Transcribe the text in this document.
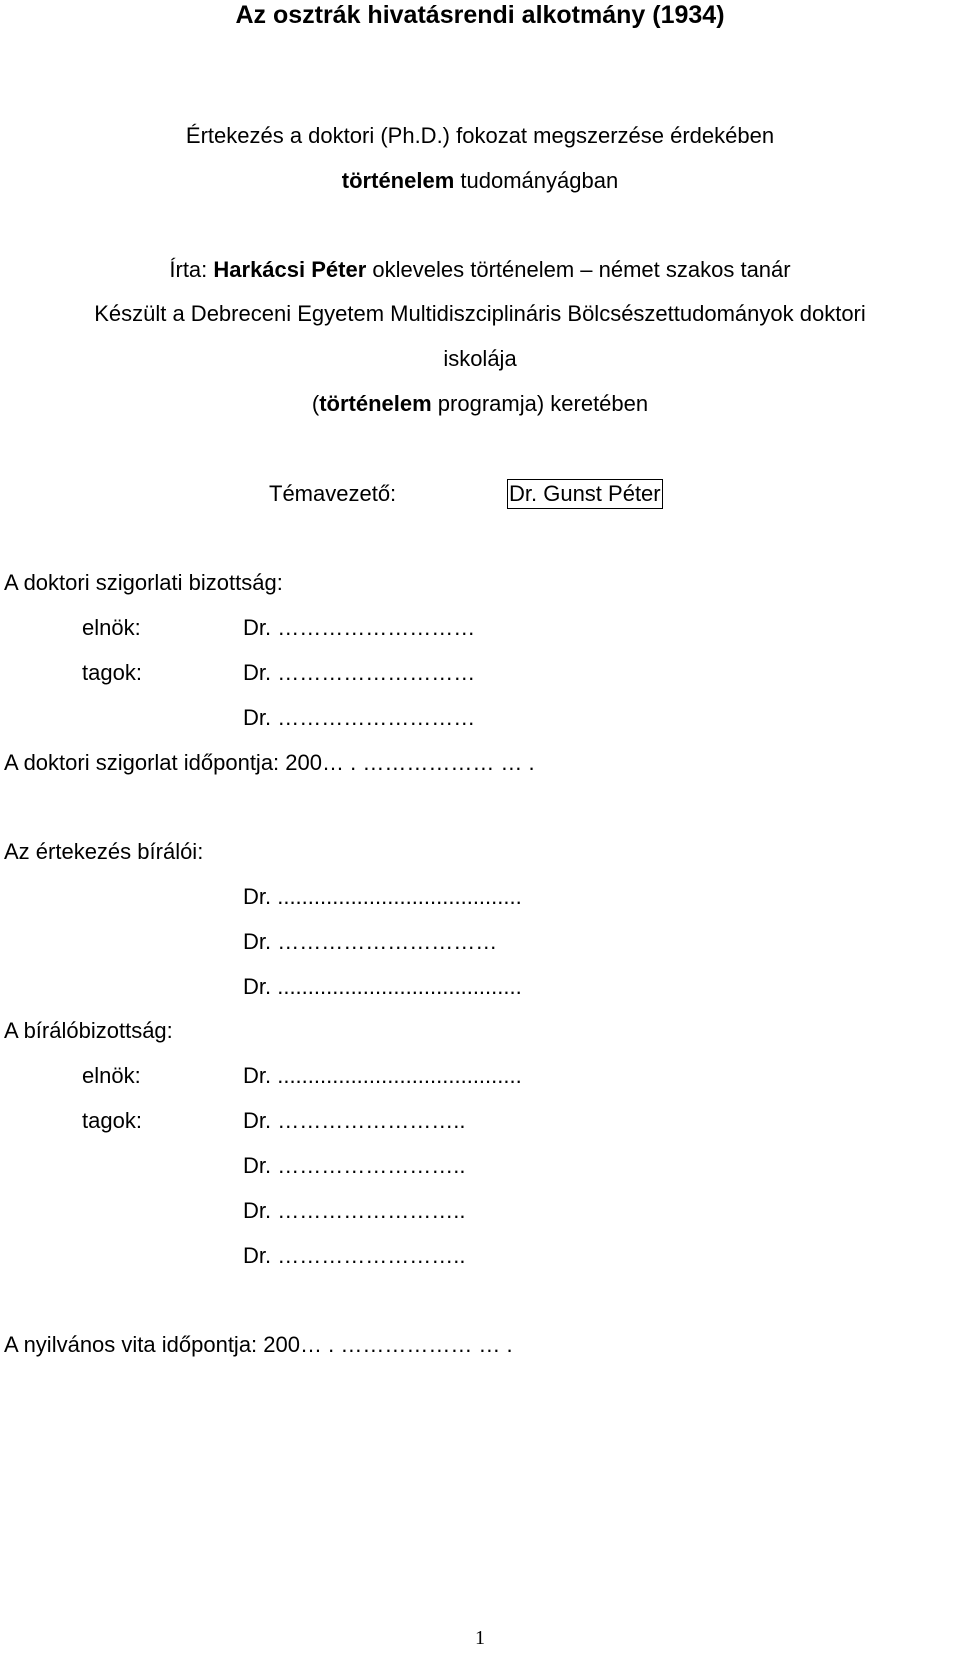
Az osztrák hivatásrendi alkotmány (1934)
Értekezés a doktori (Ph.D.) fokozat megszerzése érdekében
történelem tudományágban
Írta: Harkácsi Péter okleveles történelem – német szakos tanár
Készült a Debreceni Egyetem Multidiszciplináris Bölcsészettudományok doktori
iskolája
(történelem programja) keretében
Témavezető:	Dr. Gunst Péter
A doktori szigorlati bizottság:
elnök:	Dr. ………………………
tagok:	Dr. ………………………
Dr. ………………………
A doktori szigorlat időpontja: 200… . ……………… … .
Az értekezés bírálói:
Dr. ........................................
Dr. …………………………
Dr. ........................................
A bírálóbizottság:
elnök:	Dr. ........................................
tagok:	Dr. ……………………..
Dr. ……………………..
Dr. ……………………..
Dr. ……………………..
A nyilvános vita időpontja: 200… . ……………… … .
1
